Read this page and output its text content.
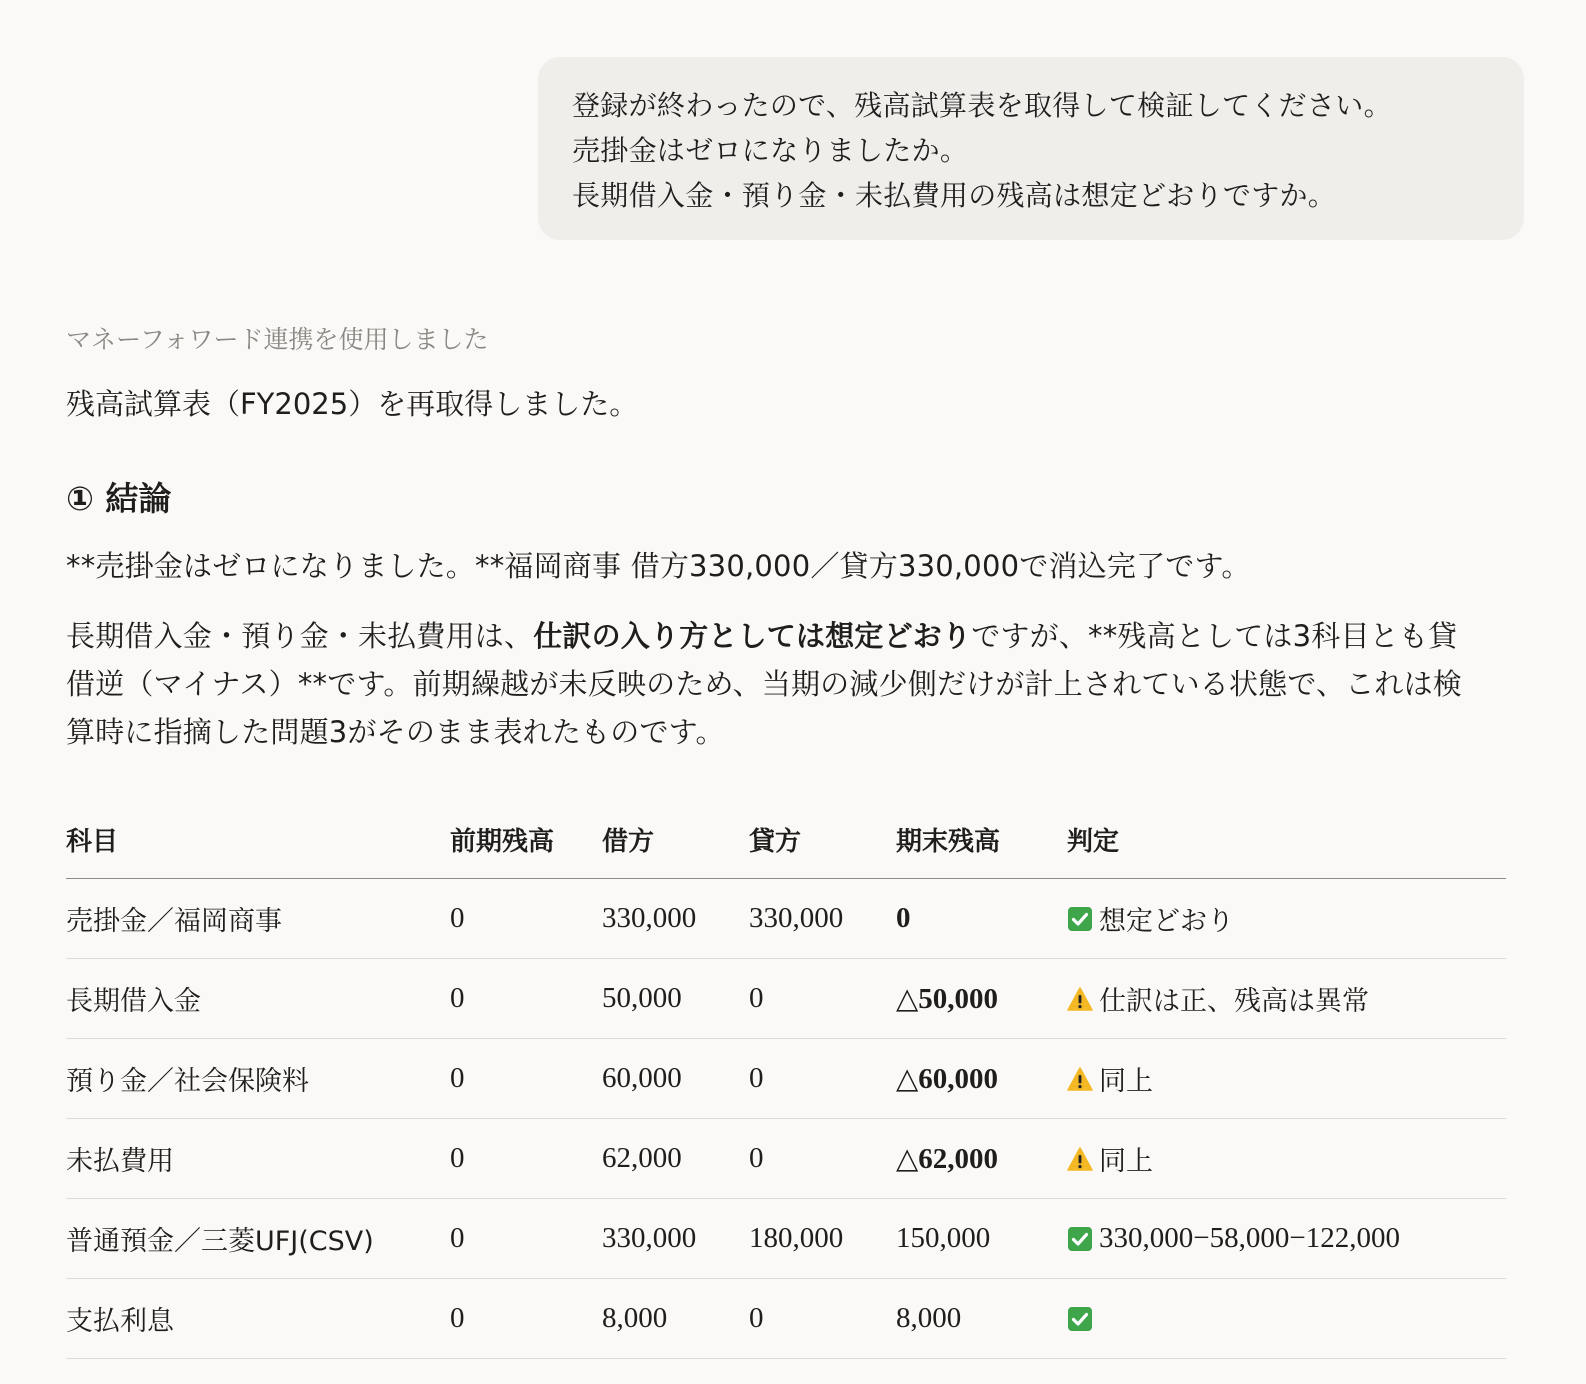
登録が終わったので、残高試算表を取得して検証してください。
売掛金はゼロになりましたか。
長期借入金・預り金・未払費用の残高は想定どおりですか。
マネーフォワード連携を使用しました
残高試算表（FY2025）を再取得しました。
① 結論
**売掛金はゼロになりました。**福岡商事 借方330,000／貸方330,000で消込完了です。
長期借入金・預り金・未払費用は、仕訳の入り方としては想定どおりですが、**残高としては3科目とも貸借逆（マイナス）**です。前期繰越が未反映のため、当期の減少側だけが計上されている状態で、これは検算時に指摘した問題3がそのまま表れたものです。
科目	前期残高	借方	貸方	期末残高	判定
売掛金／福岡商事	0	330,000	330,000	0	想定どおり

長期借入金	0	50,000	0	△50,000	仕訳は正、残高は異常

預り金／社会保険料	0	60,000	0	△60,000	同上

未払費用	0	62,000	0	△62,000	同上

普通預金／三菱UFJ(CSV)	0	330,000	180,000	150,000	330,000−58,000−122,000

支払利息	0	8,000	0	8,000	
